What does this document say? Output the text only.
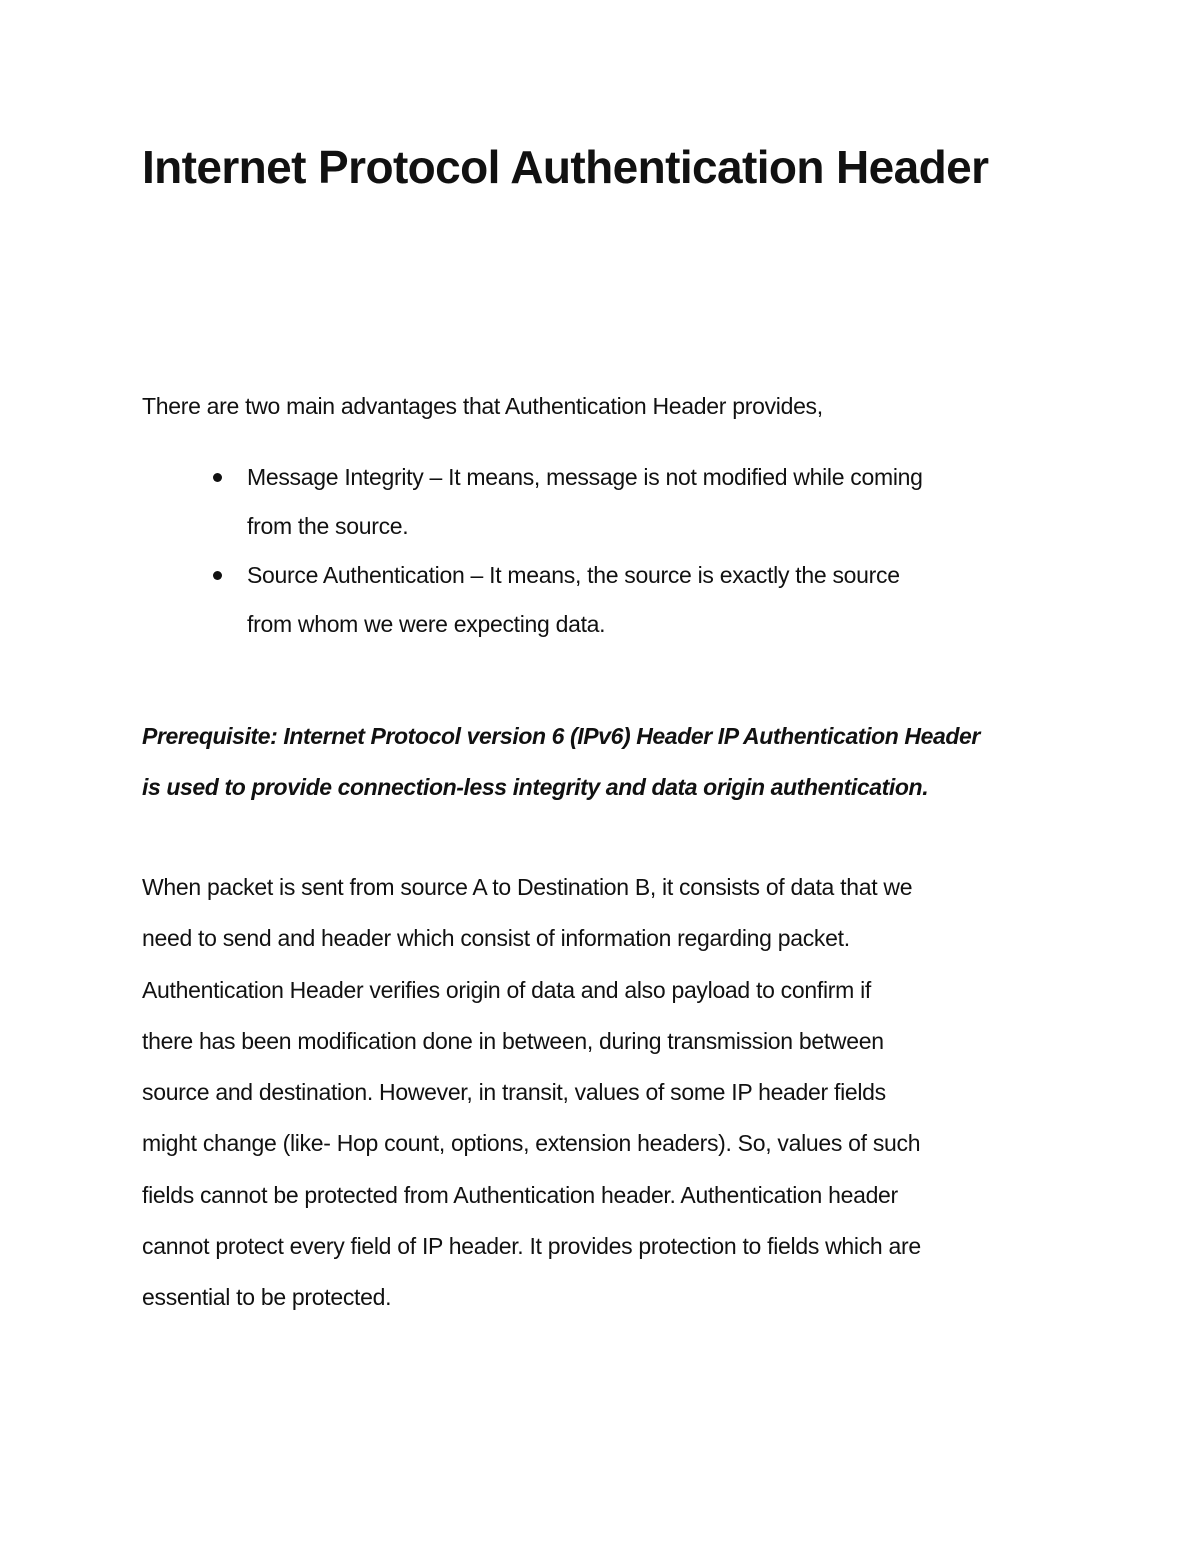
Internet Protocol Authentication Header

There are two main advantages that Authentication Header provides,

Message Integrity – It means, message is not modified while coming
from the source.
Source Authentication – It means, the source is exactly the source
from whom we were expecting data.

Prerequisite: Internet Protocol version 6 (IPv6) Header IP Authentication Header
is used to provide connection-less integrity and data origin authentication.

When packet is sent from source A to Destination B, it consists of data that we
need to send and header which consist of information regarding packet.
Authentication Header verifies origin of data and also payload to confirm if
there has been modification done in between, during transmission between
source and destination. However, in transit, values of some IP header fields
might change (like- Hop count, options, extension headers). So, values of such
fields cannot be protected from Authentication header. Authentication header
cannot protect every field of IP header. It provides protection to fields which are
essential to be protected.
